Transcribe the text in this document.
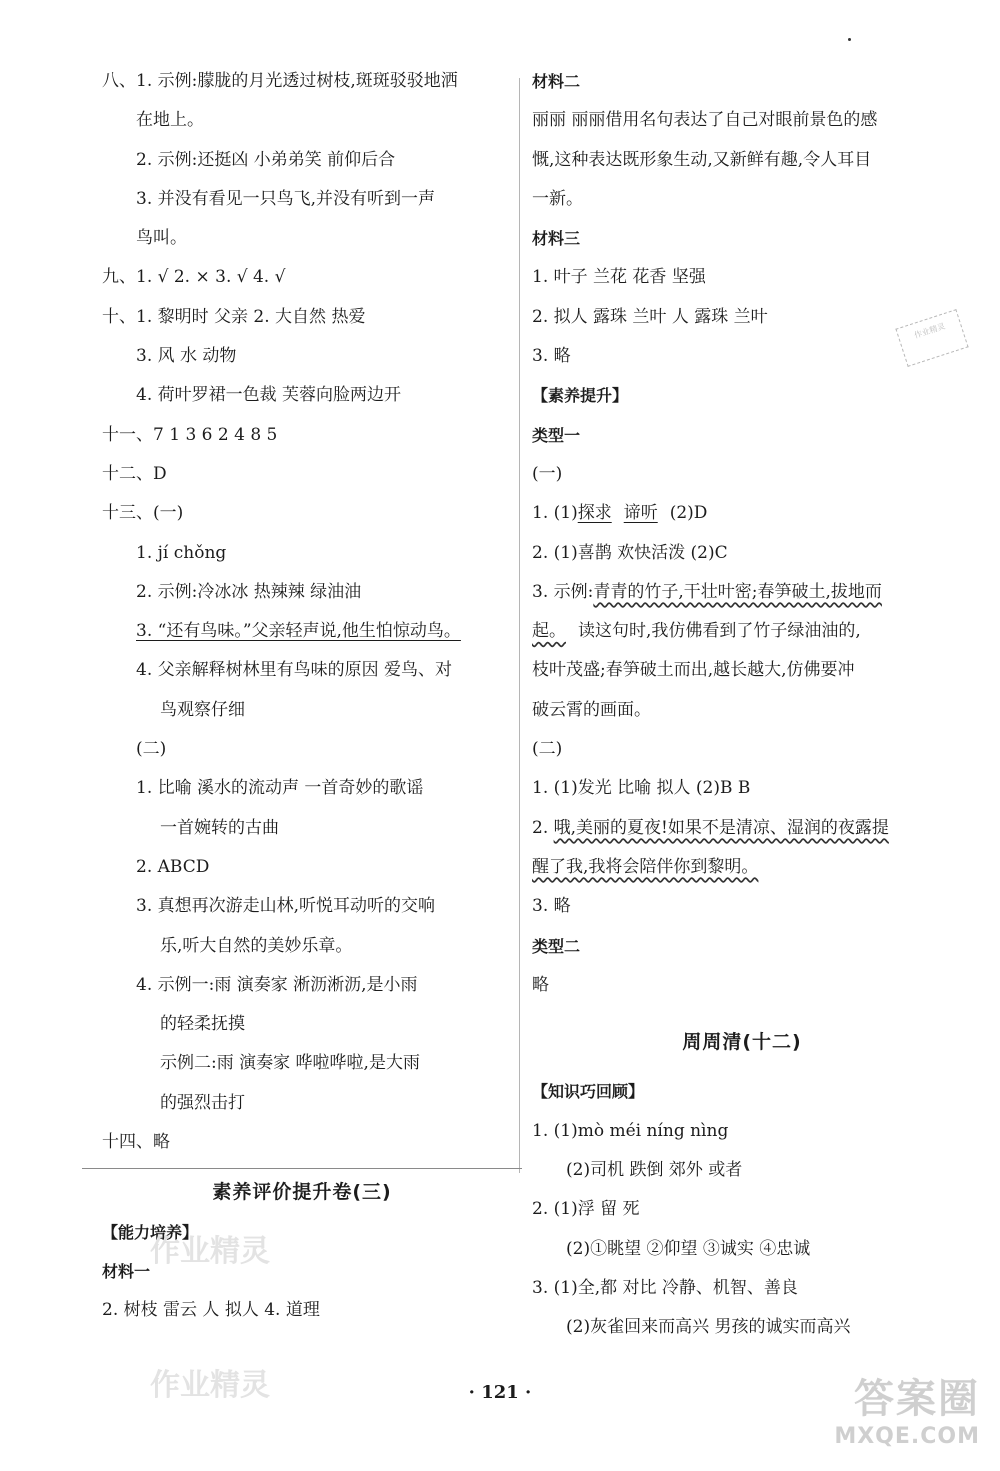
八、1. 示例:朦胧的月光透过树枝,斑斑驳驳地洒
在地上。
2. 示例:还挺凶 小弟弟笑 前仰后合
3. 并没有看见一只鸟飞,并没有听到一声
鸟叫。
九、1. √ 2. × 3. √ 4. √
十、1. 黎明时 父亲 2. 大自然 热爱
3. 风 水 动物
4. 荷叶罗裙一色裁 芙蓉向脸两边开
十一、7 1 3 6 2 4 8 5
十二、D
十三、(一)
1. jí chǒng
2. 示例:冷冰冰 热辣辣 绿油油
3. “还有鸟味。”父亲轻声说,他生怕惊动鸟。
4. 父亲解释树林里有鸟味的原因 爱鸟、对
鸟观察仔细
(二)
1. 比喻 溪水的流动声 一首奇妙的歌谣
一首婉转的古曲
2. ABCD
3. 真想再次游走山林,听悦耳动听的交响
乐,听大自然的美妙乐章。
4. 示例一:雨 演奏家 淅沥淅沥,是小雨
的轻柔抚摸
示例二:雨 演奏家 哗啦哗啦,是大雨
的强烈击打
十四、略
素养评价提升卷(三)
【能力培养】
材料一
2. 树枝 雷云 人 拟人 4. 道理
材料二
丽丽 丽丽借用名句表达了自己对眼前景色的感
慨,这种表达既形象生动,又新鲜有趣,令人耳目
一新。
材料三
1. 叶子 兰花 花香 坚强
2. 拟人 露珠 兰叶 人 露珠 兰叶
3. 略
【素养提升】
类型一
(一)
1. (1)探求 谛听 (2)D
2. (1)喜鹊 欢快活泼 (2)C
3. 示例:青青的竹子,干壮叶密;春笋破土,拔地而
起。 读这句时,我仿佛看到了竹子绿油油的,
枝叶茂盛;春笋破土而出,越长越大,仿佛要冲
破云霄的画面。
(二)
1. (1)发光 比喻 拟人 (2)B B
2. 哦,美丽的夏夜!如果不是清凉、湿润的夜露提
醒了我,我将会陪伴你到黎明。
3. 略
类型二
略
周周清(十二)
【知识巧回顾】
1. (1)mò méi níng nìng
(2)司机 跌倒 郊外 或者
2. (1)浮 留 死
(2)①眺望 ②仰望 ③诚实 ④忠诚
3. (1)全,都 对比 冷静、机智、善良
(2)灰雀回来而高兴 男孩的诚实而高兴
· 121 ·
作业精灵
作业精灵
作业精灵	答案圈
MXQE.COM
